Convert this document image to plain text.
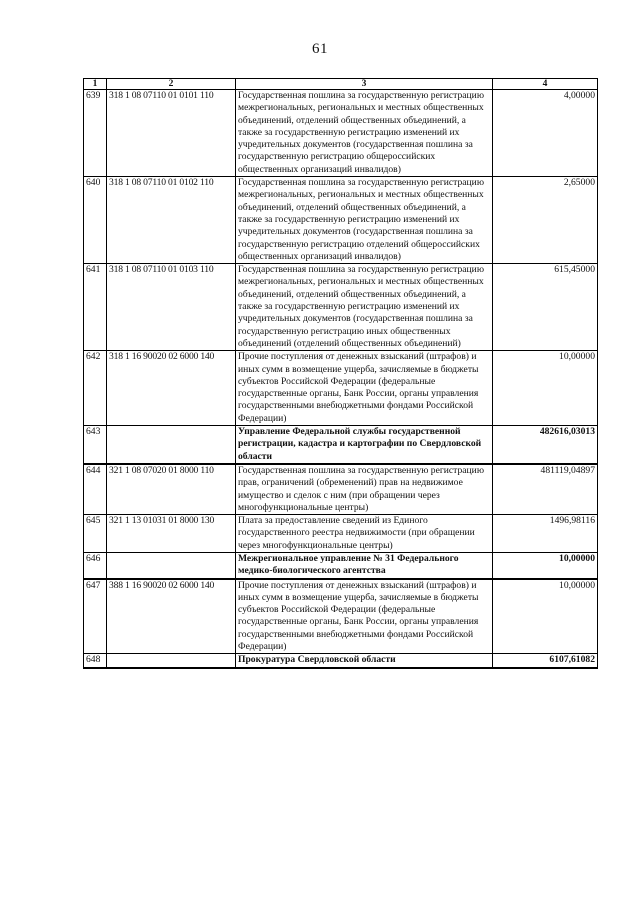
61
1	2	3	4
639	318 1 08 07110 01 0101 110	Государственная пошлина за государственную регистрацию межрегиональных, региональных и местных общественных объединений, отделений общественных объединений, а также за государственную регистрацию изменений их учредительных документов (государственная пошлина за государственную регистрацию общероссийских общественных организаций инвалидов)	4,00000
640	318 1 08 07110 01 0102 110	Государственная пошлина за государственную регистрацию межрегиональных, региональных и местных общественных объединений, отделений общественных объединений, а также за государственную регистрацию изменений их учредительных документов (государственная пошлина за государственную регистрацию отделений общероссийских общественных организаций инвалидов)	2,65000
641	318 1 08 07110 01 0103 110	Государственная пошлина за государственную регистрацию межрегиональных, региональных и местных общественных объединений, отделений общественных объединений, а также за государственную регистрацию изменений их учредительных документов (государственная пошлина за государственную регистрацию иных общественных объединений (отделений общественных объединений)	615,45000
642	318 1 16 90020 02 6000 140	Прочие поступления от денежных взысканий (штрафов) и иных сумм в возмещение ущерба, зачисляемые в бюджеты субъектов Российской Федерации (федеральные государственные органы, Банк России, органы управления государственными внебюджетными фондами Российской Федерации)	10,00000
643		Управление Федеральной службы государственной регистрации, кадастра и картографии по Свердловской области	482616,03013
644	321 1 08 07020 01 8000 110	Государственная пошлина за государственную регистрацию прав, ограничений (обременений) прав на недвижимое имущество и сделок с ним (при обращении через многофункциональные центры)	481119,04897
645	321 1 13 01031 01 8000 130	Плата за предоставление сведений из Единого государственного реестра недвижимости (при обращении через многофункциональные центры)	1496,98116
646		Межрегиональное управление № 31 Федерального медико-биологического агентства	10,00000
647	388 1 16 90020 02 6000 140	Прочие поступления от денежных взысканий (штрафов) и иных сумм в возмещение ущерба, зачисляемые в бюджеты субъектов Российской Федерации (федеральные государственные органы, Банк России, органы управления государственными внебюджетными фондами Российской Федерации)	10,00000
648		Прокуратура Свердловской области	6107,61082
